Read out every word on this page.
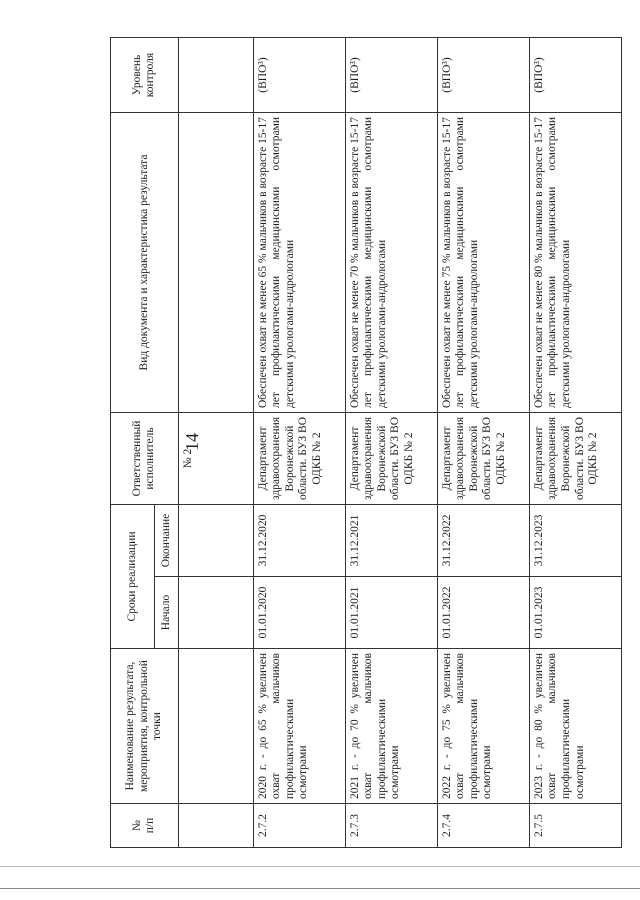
14
№
п/п	Наименование результата, мероприятия, контрольной точки	Сроки реализации		Ответственный исполнитель	Вид документа и характеристика результата	Уровень контроля
		Начало	Окончание			
				№ 2		
2.7.2	2020 г. - до 65 % увеличен охват мальчиков профилактическими осмотрами	01.01.2020	31.12.2020	Департамент здравоохранения Воронежской области. БУЗ ВО ОДКБ № 2	Обеспечен охват не менее 65 % мальчиков в возрасте 15-17 лет профилактическими медицинскими осмотрами детскими урологами-андрологами	(ВПО³)
2.7.3	2021 г. - до 70 % увеличен охват мальчиков профилактическими осмотрами	01.01.2021	31.12.2021	Департамент здравоохранения Воронежской области. БУЗ ВО ОДКБ № 2	Обеспечен охват не менее 70 % мальчиков в возрасте 15-17 лет профилактическими медицинскими осмотрами детскими урологами-андрологами	(ВПО³)
2.7.4	2022 г. - до 75 % увеличен охват мальчиков профилактическими осмотрами	01.01.2022	31.12.2022	Департамент здравоохранения Воронежской области. БУЗ ВО ОДКБ № 2	Обеспечен охват не менее 75 % мальчиков в возрасте 15-17 лет профилактическими медицинскими осмотрами детскими урологами-андрологами	(ВПО³)
2.7.5	2023 г. - до 80 % увеличен охват мальчиков профилактическими осмотрами	01.01.2023	31.12.2023	Департамент здравоохранения Воронежской области. БУЗ ВО ОДКБ № 2	Обеспечен охват не менее 80 % мальчиков в возрасте 15-17 лет профилактическими медицинскими осмотрами детскими урологами-андрологами	(ВПО³)
